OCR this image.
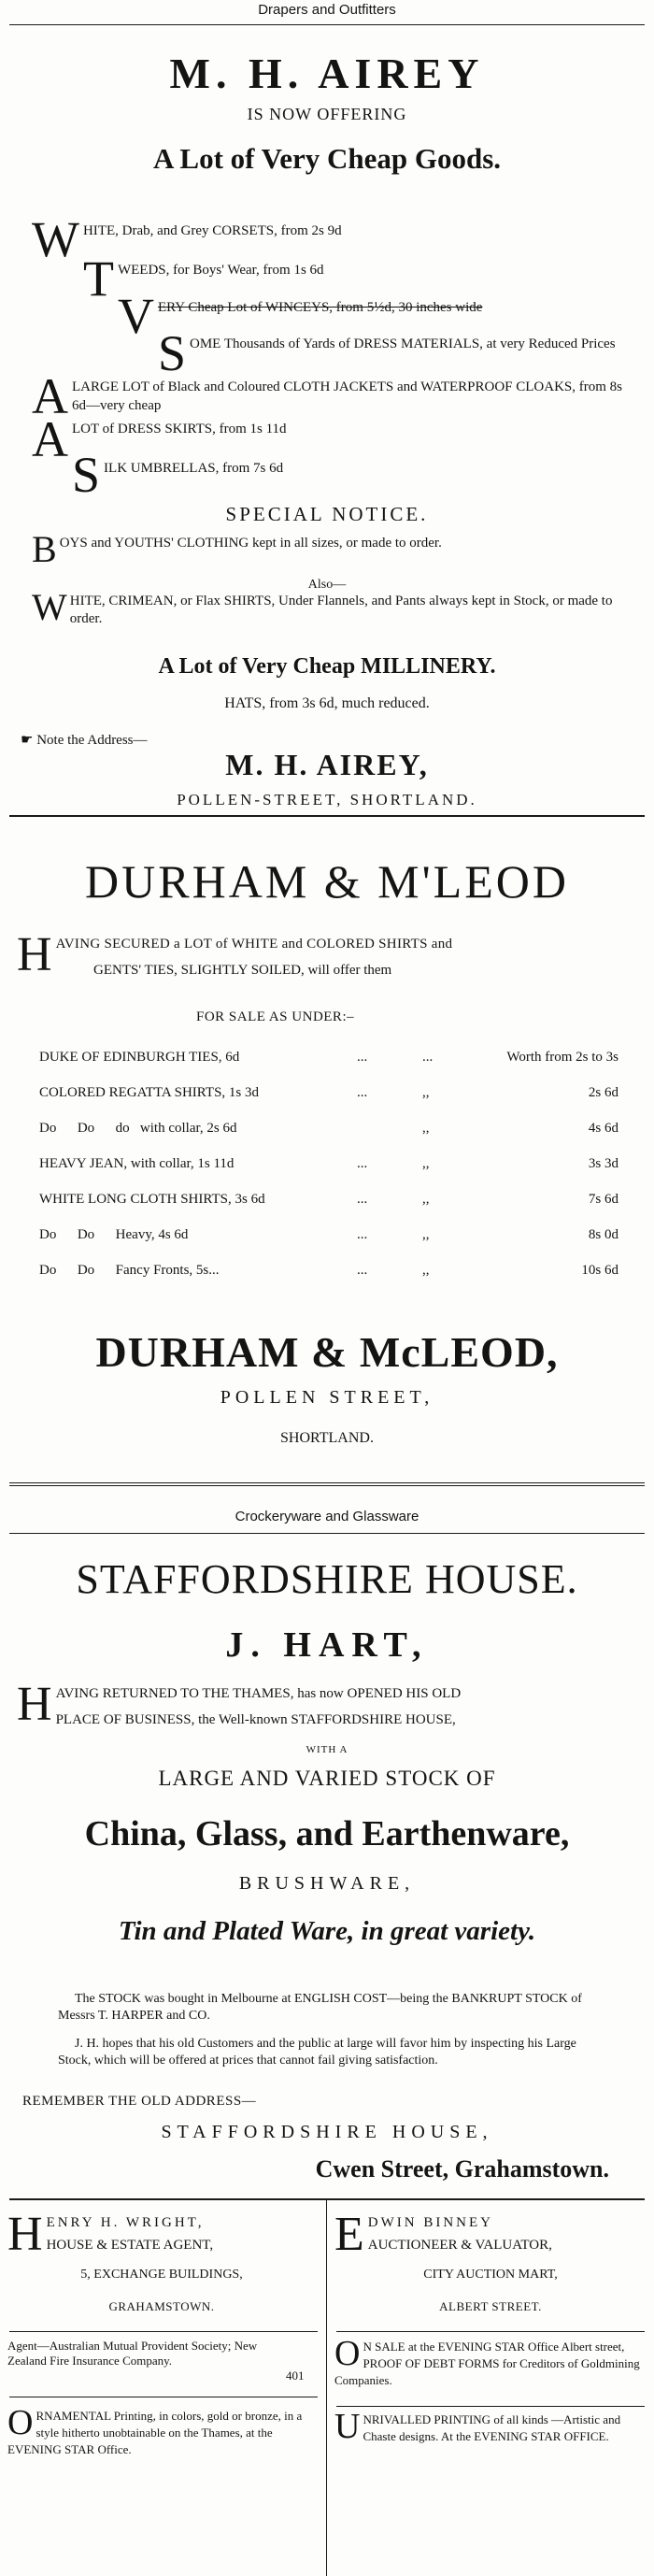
Drapers and Outfitters
M. H. AIREY
IS NOW OFFERING
A Lot of Very Cheap Goods.
W HITE, Drab, and Grey CORSETS, from 2s 9d
T WEEDS, for Boys' Wear, from 1s 6d
V ERY Cheap Lot of WINCEYS, from 5½d, 30 inches wide
S OME Thousands of Yards of DRESS MATERIALS, at very Reduced Prices
A LARGE LOT of Black and Coloured CLOTH JACKETS and WATERPROOF CLOAKS, from 8s 6d—very cheap
A LOT of DRESS SKIRTS, from 1s 11d
S ILK UMBRELLAS, from 7s 6d
SPECIAL NOTICE.
B OYS and YOUTHS' CLOTHING kept in all sizes, or made to order.
Also—
W HITE, CRIMEAN, or Flax SHIRTS, Under Flannels, and Pants always kept in Stock, or made to order.
A Lot of Very Cheap MILLINERY.
HATS, from 3s 6d, much reduced.
☛ Note the Address—
M. H. AIREY,
POLLEN-STREET, SHORTLAND.
DURHAM & M'LEOD
H AVING SECURED a LOT of WHITE and COLORED SHIRTS and
GENTS' TIES, SLIGHTLY SOILED, will offer them
FOR SALE AS UNDER:–
DUKE OF EDINBURGH TIES, 6d	...	...	Worth from 2s to 3s
COLORED REGATTA SHIRTS, 1s 3d	...	,,	2s 6d
Do      Do      do   with collar, 2s 6d		,,	4s 6d
HEAVY JEAN, with collar, 1s 11d	...	,,	3s 3d
WHITE LONG CLOTH SHIRTS, 3s 6d	...	,,	7s 6d
Do      Do      Heavy, 4s 6d	...	,,	8s 0d
Do      Do      Fancy Fronts, 5s...	...	,,	10s 6d
DURHAM & McLEOD,
POLLEN STREET,
SHORTLAND.
Crockeryware and Glassware
STAFFORDSHIRE HOUSE.
J. HART,
H AVING RETURNED TO THE THAMES, has now OPENED HIS OLD
PLACE OF BUSINESS, the Well-known STAFFORDSHIRE HOUSE,
WITH A
LARGE AND VARIED STOCK OF
China, Glass, and Earthenware,
BRUSHWARE,
Tin and Plated Ware, in great variety.
The STOCK was bought in Melbourne at ENGLISH COST—being the BANKRUPT STOCK of Messrs T. HARPER and CO.
J. H. hopes that his old Customers and the public at large will favor him by inspecting his Large Stock, which will be offered at prices that cannot fail giving satisfaction.
REMEMBER THE OLD ADDRESS—
STAFFORDSHIRE HOUSE,
Cwen Street, Grahamstown.
H ENRY H. WRIGHT,
HOUSE & ESTATE AGENT,
5, EXCHANGE BUILDINGS,
GRAHAMSTOWN.
Agent—Australian Mutual Provident Society; New Zealand Fire Insurance Company.
401
E DWIN BINNEY
AUCTIONEER & VALUATOR,
CITY AUCTION MART,
ALBERT STREET.
O N SALE at the EVENING STAR Office Albert street, PROOF OF DEBT FORMS for Creditors of Goldmining Companies.
O RNAMENTAL Printing, in colors, gold or bronze, in a style hitherto unobtainable on the Thames, at the EVENING STAR Office.
U NRIVALLED PRINTING of all kinds —Artistic and Chaste designs. At the EVENING STAR OFFICE.
